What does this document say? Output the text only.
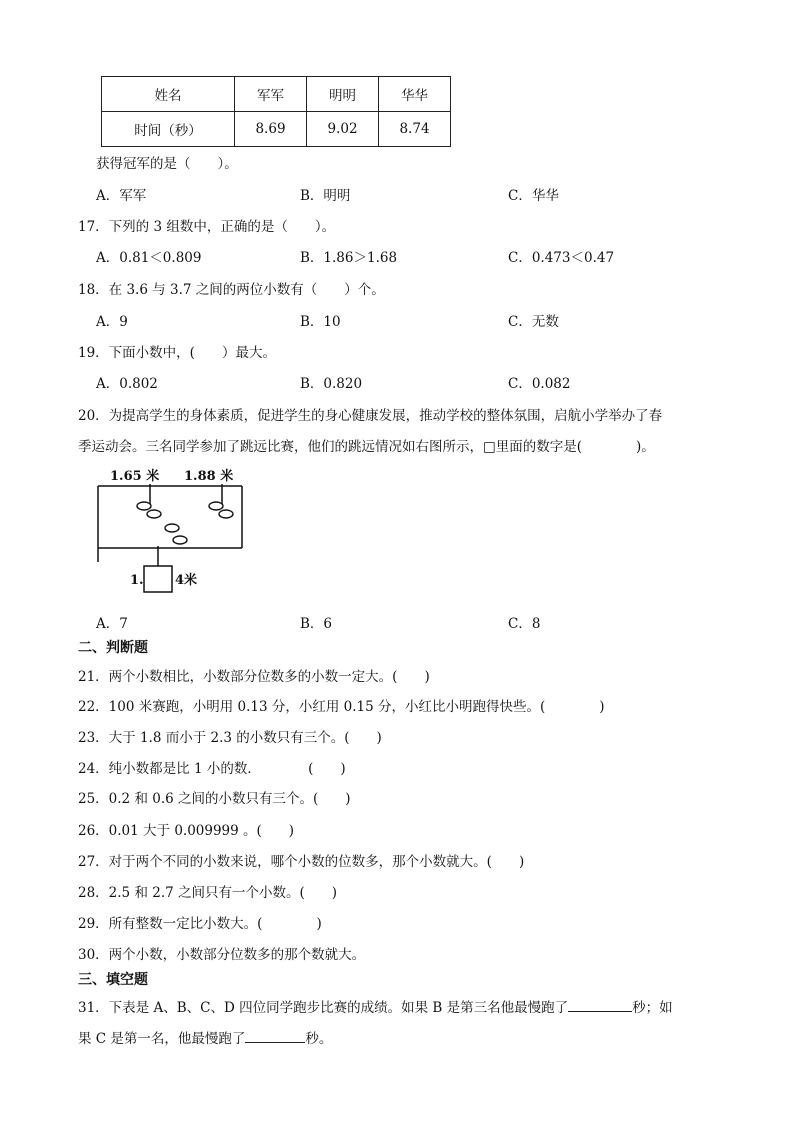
姓名	军军	明明	华华
时间（秒）	8.69	9.02	8.74
获得冠军的是（　　）。
A．军军	B．明明	C．华华
17．下列的 3 组数中，正确的是（　　）。
A．0.81＜0.809	B．1.86＞1.68	C．0.473＜0.47
18．在 3.6 与 3.7 之间的两位小数有（　　）个。
A．9	B．10	C．无数
19．下面小数中，(　　）最大。
A．0.802	B．0.820	C．0.082
20．为提高学生的身体素质，促进学生的身心健康发展，推动学校的整体氛围，启航小学举办了春
季运动会。三名同学参加了跳远比赛，他们的跳远情况如右图所示，□里面的数字是(　　　　)。
1.65 米 1.88 米
1. 4米
A．7	B．6	C．8
二、判断题
21．两个小数相比，小数部分位数多的小数一定大。(　　)
22．100 米赛跑，小明用 0.13 分，小红用 0.15 分，小红比小明跑得快些。(　　　　)
23．大于 1.8 而小于 2.3 的小数只有三个。(　　)
24．纯小数都是比 1 小的数．　　　　(　　)
25．0.2 和 0.6 之间的小数只有三个。(　　)
26．0.01 大于 0.009999 。(　　)
27．对于两个不同的小数来说，哪个小数的位数多，那个小数就大。(　　)
28．2.5 和 2.7 之间只有一个小数。(　　)
29．所有整数一定比小数大。(　　　　)
30．两个小数，小数部分位数多的那个数就大。
三、填空题
31．下表是 A、B、C、D 四位同学跑步比赛的成绩。如果 B 是第三名他最慢跑了	秒；如
果 C 是第一名，他最慢跑了	秒。
